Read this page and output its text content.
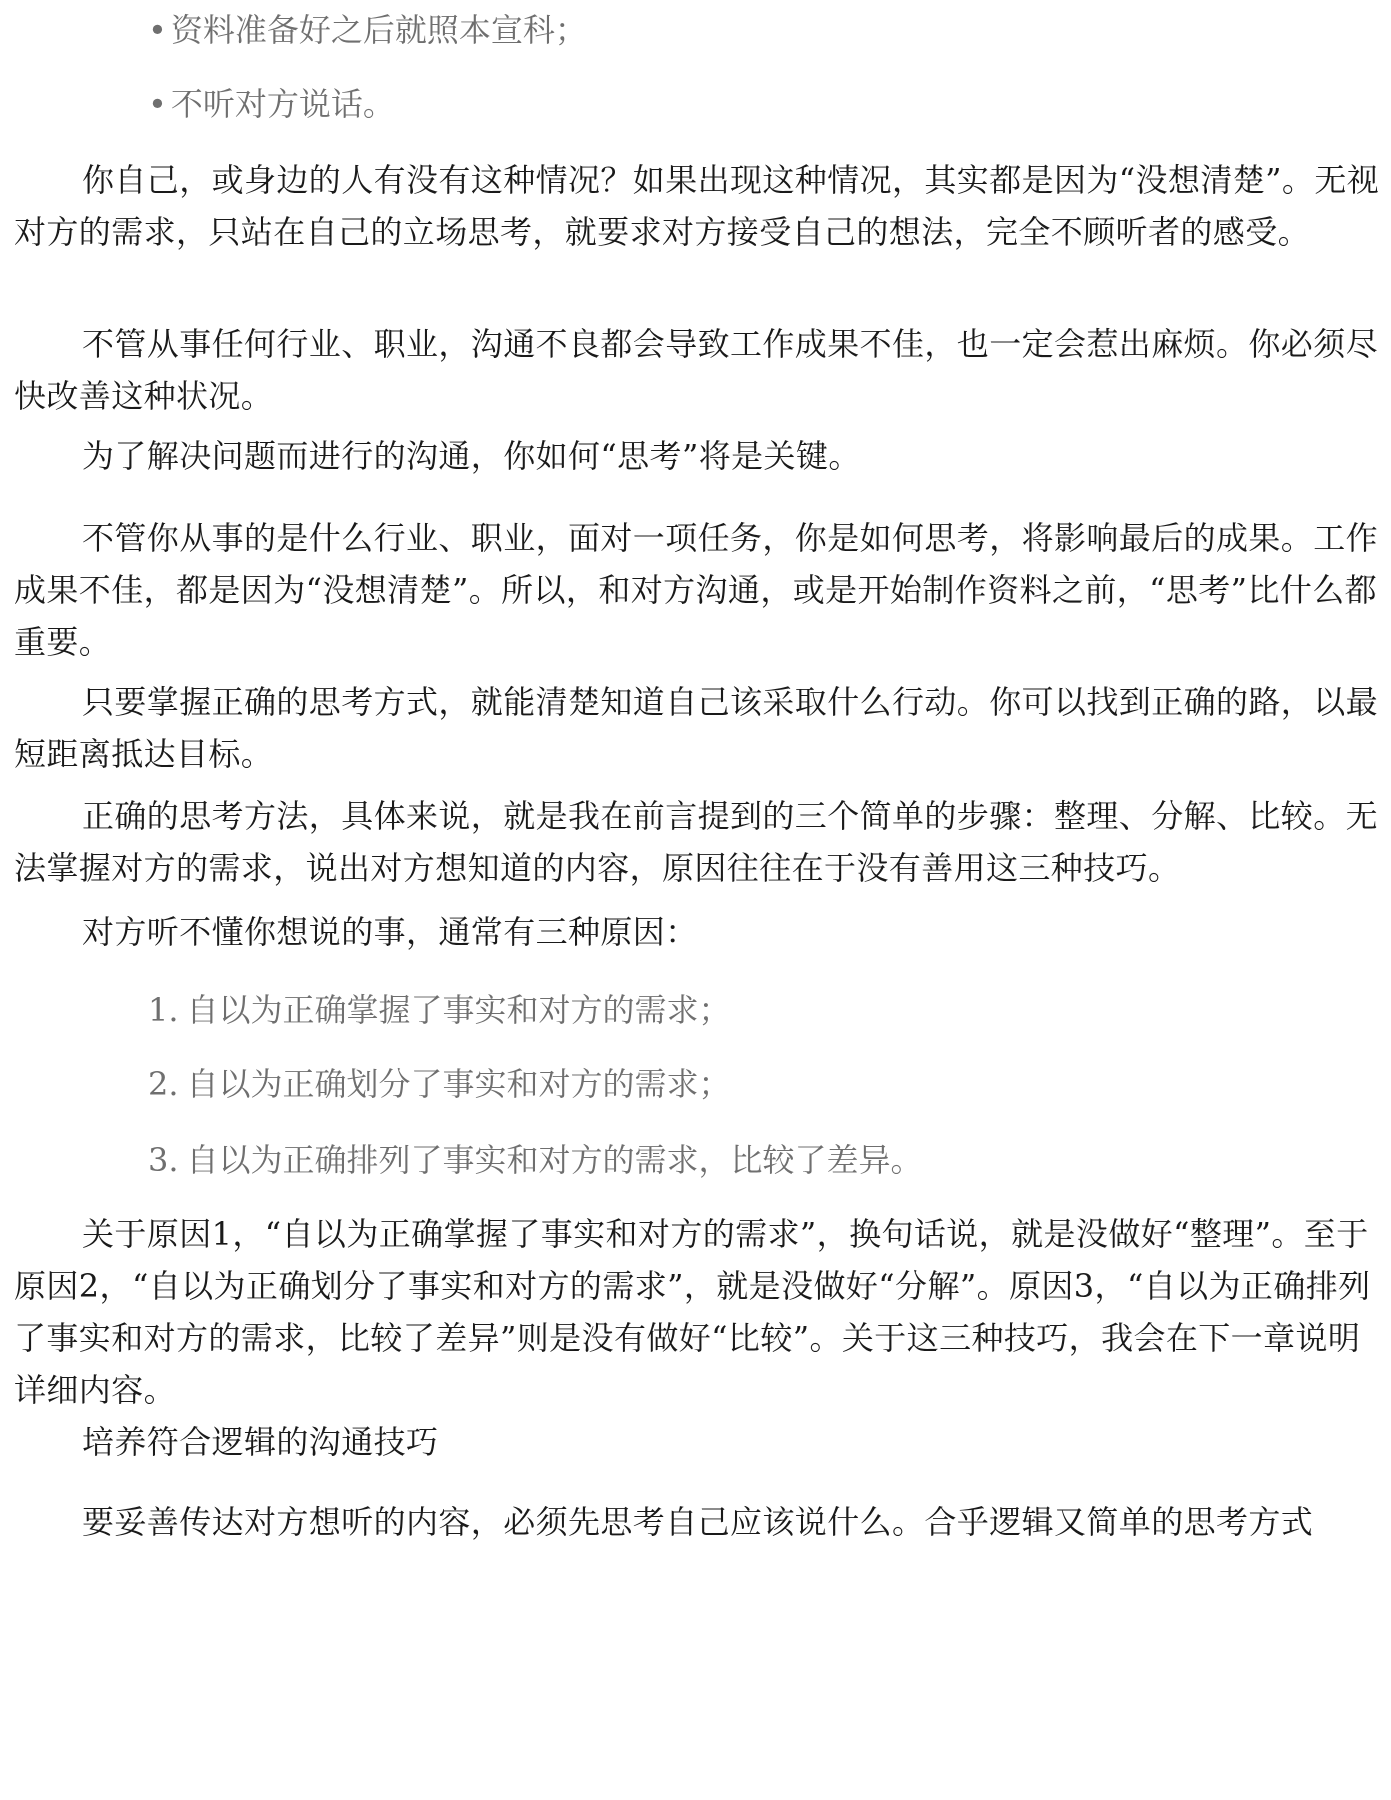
• 资料准备好之后就照本宣科；
• 不听对方说话。

你自己，或身边的人有没有这种情况？如果出现这种情况，其实都是因为“没想清楚”。无视对方的需求，只站在自己的立场思考，就要求对方接受自己的想法，完全不顾听者的感受。

不管从事任何行业、职业，沟通不良都会导致工作成果不佳，也一定会惹出麻烦。你必须尽快改善这种状况。

为了解决问题而进行的沟通，你如何“思考”将是关键。

不管你从事的是什么行业、职业，面对一项任务，你是如何思考，将影响最后的成果。工作成果不佳，都是因为“没想清楚”。所以，和对方沟通，或是开始制作资料之前，“思考”比什么都重要。

只要掌握正确的思考方式，就能清楚知道自己该采取什么行动。你可以找到正确的路，以最短距离抵达目标。

正确的思考方法，具体来说，就是我在前言提到的三个简单的步骤：整理、分解、比较。无法掌握对方的需求，说出对方想知道的内容，原因往往在于没有善用这三种技巧。

对方听不懂你想说的事，通常有三种原因：

1. 自以为正确掌握了事实和对方的需求；
2. 自以为正确划分了事实和对方的需求；
3. 自以为正确排列了事实和对方的需求，比较了差异。

关于原因1，“自以为正确掌握了事实和对方的需求”，换句话说，就是没做好“整理”。至于原因2，“自以为正确划分了事实和对方的需求”，就是没做好“分解”。原因3，“自以为正确排列了事实和对方的需求，比较了差异”则是没有做好“比较”。关于这三种技巧，我会在下一章说明详细内容。

培养符合逻辑的沟通技巧

要妥善传达对方想听的内容，必须先思考自己应该说什么。合乎逻辑又简单的思考方式
